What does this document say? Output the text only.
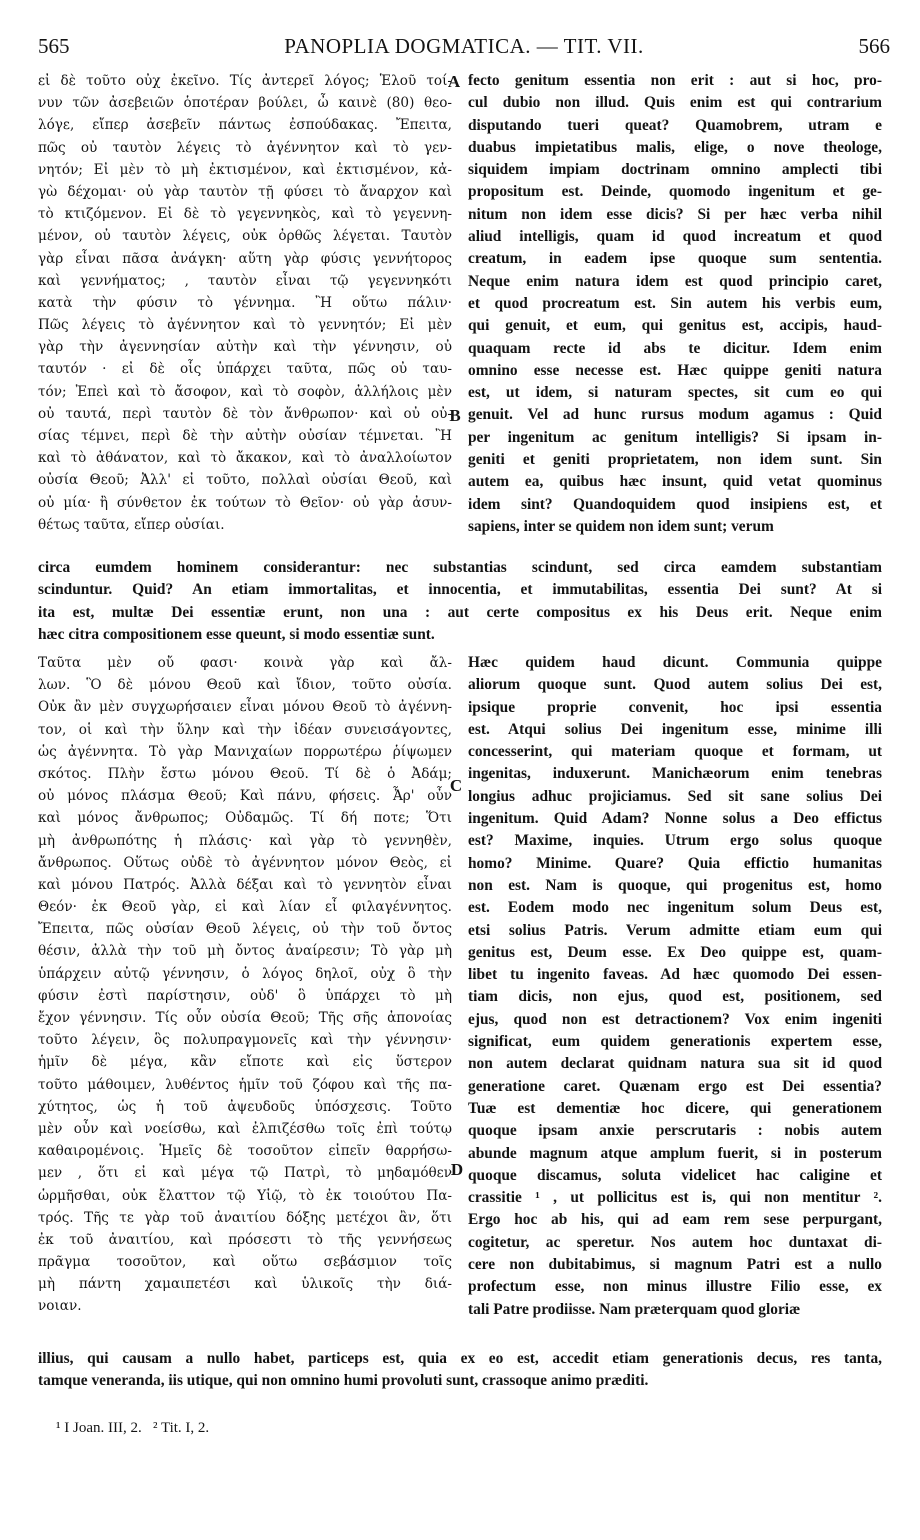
565	PANOPLIA DOGMATICA. — TIT. VII.	566
εἰ δὲ τοῦτο οὐχ ἐκεῖνο. Τίς ἀντερεῖ λόγος; Ἑλοῦ τοί-
νυν τῶν ἀσεβειῶν ὁποτέραν βούλει, ὦ καινὲ (80) θεο-
λόγε, εἴπερ ἀσεβεῖν πάντως ἐσπούδακας. Ἔπειτα,
πῶς οὐ ταυτὸν λέγεις τὸ ἀγέννητον καὶ τὸ γεν-
νητόν; Εἰ μὲν τὸ μὴ ἐκτισμένον, καὶ ἐκτισμένον, κἀ-
γὼ δέχομαι· οὐ γὰρ ταυτὸν τῇ φύσει τὸ ἄναρχον καὶ
τὸ κτιζόμενον. Εἰ δὲ τὸ γεγεννηκὸς, καὶ τὸ γεγεννη-
μένον, οὐ ταυτὸν λέγεις, οὐκ ὀρθῶς λέγεται. Ταυτὸν
γὰρ εἶναι πᾶσα ἀνάγκη· αὕτη γὰρ φύσις γεννήτορος
καὶ γεννήματος; , ταυτὸν εἶναι τῷ γεγεννηκότι
κατὰ τὴν φύσιν τὸ γέννημα. Ἢ οὕτω πάλιν·
Πῶς λέγεις τὸ ἀγέννητον καὶ τὸ γεννητόν; Εἰ μὲν
γὰρ τὴν ἀγεννησίαν αὐτὴν καὶ τὴν γέννησιν, οὐ
ταυτόν · εἰ δὲ οἷς ὑπάρχει ταῦτα, πῶς οὐ ταυ-
τόν; Ἐπεὶ καὶ τὸ ἄσοφον, καὶ τὸ σοφὸν, ἀλλήλοις μὲν
οὐ ταυτά, περὶ ταυτὸν δὲ τὸν ἄνθρωπον· καὶ οὐ οὐ-
σίας τέμνει, περὶ δὲ τὴν αὐτὴν οὐσίαν τέμνεται. Ἢ
καὶ τὸ ἀθάνατον, καὶ τὸ ἄκακον, καὶ τὸ ἀναλλοίωτον
οὐσία Θεοῦ; Ἀλλ' εἰ τοῦτο, πολλαὶ οὐσίαι Θεοῦ, καὶ
οὐ μία· ἢ σύνθετον ἐκ τούτων τὸ Θεῖον· οὐ γὰρ ἀσυν-
θέτως ταῦτα, εἴπερ οὐσίαι.
fecto genitum essentia non erit : aut si hoc, pro-
cul dubio non illud. Quis enim est qui contrarium
disputando tueri queat? Quamobrem, utram e
duabus impietatibus malis, elige, o nove theologe,
siquidem impiam doctrinam omnino amplecti tibi
propositum est. Deinde, quomodo ingenitum et ge-
nitum non idem esse dicis? Si per hæc verba nihil
aliud intelligis, quam id quod increatum et quod
creatum, in eadem ipse quoque sum sententia.
Neque enim natura idem est quod principio caret,
et quod procreatum est. Sin autem his verbis eum,
qui genuit, et eum, qui genitus est, accipis, haud-
quaquam recte id abs te dicitur. Idem enim
omnino esse necesse est. Hæc quippe geniti natura
est, ut idem, si naturam spectes, sit cum eo qui
genuit. Vel ad hunc rursus modum agamus : Quid
per ingenitum ac genitum intelligis? Si ipsam in-
geniti et geniti proprietatem, non idem sunt. Sin
autem ea, quibus hæc insunt, quid vetat quominus
idem sint? Quandoquidem quod insipiens est, et
sapiens, inter se quidem non idem sunt; verum
circa eumdem hominem considerantur: nec substantias scindunt, sed circa eamdem substantiam
scinduntur. Quid? An etiam immortalitas, et innocentia, et immutabilitas, essentia Dei sunt? At si
ita est, multæ Dei essentiæ erunt, non una : aut certe compositus ex his Deus erit. Neque enim
hæc citra compositionem esse queunt, si modo essentiæ sunt.
Ταῦτα μὲν οὔ φασι· κοινὰ γὰρ καὶ ἄλ-
λων. Ὃ δὲ μόνου Θεοῦ καὶ ἴδιον, τοῦτο οὐσία.
Οὐκ ἂν μὲν συγχωρήσαιεν εἶναι μόνου Θεοῦ τὸ ἀγέννη-
τον, οἱ καὶ τὴν ὕλην καὶ τὴν ἰδέαν συνεισάγοντες,
ὡς ἀγέννητα. Τὸ γὰρ Μανιχαίων πορρωτέρω ῥίψωμεν
σκότος. Πλὴν ἔστω μόνου Θεοῦ. Τί δὲ ὁ Ἀδάμ;
οὐ μόνος πλάσμα Θεοῦ; Καὶ πάνυ, φήσεις. Ἆρ' οὖν
καὶ μόνος ἄνθρωπος; Οὐδαμῶς. Τί δή ποτε; Ὅτι
μὴ ἀνθρωπότης ἡ πλάσις· καὶ γὰρ τὸ γεννηθὲν,
ἄνθρωπος. Οὕτως οὐδὲ τὸ ἀγέννητον μόνον Θεὸς, εἰ
καὶ μόνου Πατρός. Ἀλλὰ δέξαι καὶ τὸ γεννητὸν εἶναι
Θεόν· ἐκ Θεοῦ γὰρ, εἰ καὶ λίαν εἶ φιλαγέννητος.
Ἔπειτα, πῶς οὐσίαν Θεοῦ λέγεις, οὐ τὴν τοῦ ὄντος
θέσιν, ἀλλὰ τὴν τοῦ μὴ ὄντος ἀναίρεσιν; Τὸ γὰρ μὴ
ὑπάρχειν αὐτῷ γέννησιν, ὁ λόγος δηλοῖ, οὐχ ὃ τὴν
φύσιν ἐστὶ παρίστησιν, οὐδ' ὃ ὑπάρχει τὸ μὴ
ἔχον γέννησιν. Τίς οὖν οὐσία Θεοῦ; Τῆς σῆς ἀπονοίας
τοῦτο λέγειν, ὃς πολυπραγμονεῖς καὶ τὴν γέννησιν·
ἡμῖν δὲ μέγα, κἂν εἴποτε καὶ εἰς ὕστερον
τοῦτο μάθοιμεν, λυθέντος ἡμῖν τοῦ ζόφου καὶ τῆς πα-
χύτητος, ὡς ἡ τοῦ ἀψευδοῦς ὑπόσχεσις. Τοῦτο
μὲν οὖν καὶ νοείσθω, καὶ ἐλπιζέσθω τοῖς ἐπὶ τούτῳ
καθαιρομένοις. Ἡμεῖς δὲ τοσοῦτον εἰπεῖν θαρρήσω-
μεν , ὅτι εἰ καὶ μέγα τῷ Πατρὶ, τὸ μηδαμόθεν
ὡρμῆσθαι, οὐκ ἔλαττον τῷ Υἱῷ, τὸ ἐκ τοιούτου Πα-
τρός. Τῆς τε γὰρ τοῦ ἀναιτίου δόξης μετέχοι ἂν, ὅτι
ἐκ τοῦ ἀναιτίου, καὶ πρόσεστι τὸ τῆς γεννήσεως
πρᾶγμα τοσοῦτον, καὶ οὕτω σεβάσμιον τοῖς
μὴ πάντη χαμαιπετέσι καὶ ὑλικοῖς τὴν διά-
νοιαν.
Hæc quidem haud dicunt. Communia quippe
aliorum quoque sunt. Quod autem solius Dei est,
ipsique proprie convenit, hoc ipsi essentia
est. Atqui solius Dei ingenitum esse, minime illi
concesserint, qui materiam quoque et formam, ut
ingenitas, induxerunt. Manichæorum enim tenebras
longius adhuc projiciamus. Sed sit sane solius Dei
ingenitum. Quid Adam? Nonne solus a Deo effictus
est? Maxime, inquies. Utrum ergo solus quoque
homo? Minime. Quare? Quia effictio humanitas
non est. Nam is quoque, qui progenitus est, homo
est. Eodem modo nec ingenitum solum Deus est,
etsi solius Patris. Verum admitte etiam eum qui
genitus est, Deum esse. Ex Deo quippe est, quam-
libet tu ingenito faveas. Ad hæc quomodo Dei essen-
tiam dicis, non ejus, quod est, positionem, sed
ejus, quod non est detractionem? Vox enim ingeniti
significat, eum quidem generationis expertem esse,
non autem declarat quidnam natura sua sit id quod
generatione caret. Quænam ergo est Dei essentia?
Tuæ est dementiæ hoc dicere, qui generationem
quoque ipsam anxie perscrutaris : nobis autem
abunde magnum atque amplum fuerit, si in posterum
quoque discamus, soluta videlicet hac caligine et
crassitie ¹ , ut pollicitus est is, qui non mentitur ².
Ergo hoc ab his, qui ad eam rem sese perpurgant,
cogitetur, ac speretur. Nos autem hoc duntaxat di-
cere non dubitabimus, si magnum Patri est a nullo
profectum esse, non minus illustre Filio esse, ex
tali Patre prodiisse. Nam præterquam quod gloriæ
illius, qui causam a nullo habet, particeps est, quia ex eo est, accedit etiam generationis decus, res tanta,
tamque veneranda, iis utique, qui non omnino humi provoluti sunt, crassoque animo præditi.
A
B
C
D
¹ I Joan. III, 2.   ² Tit. I, 2.
